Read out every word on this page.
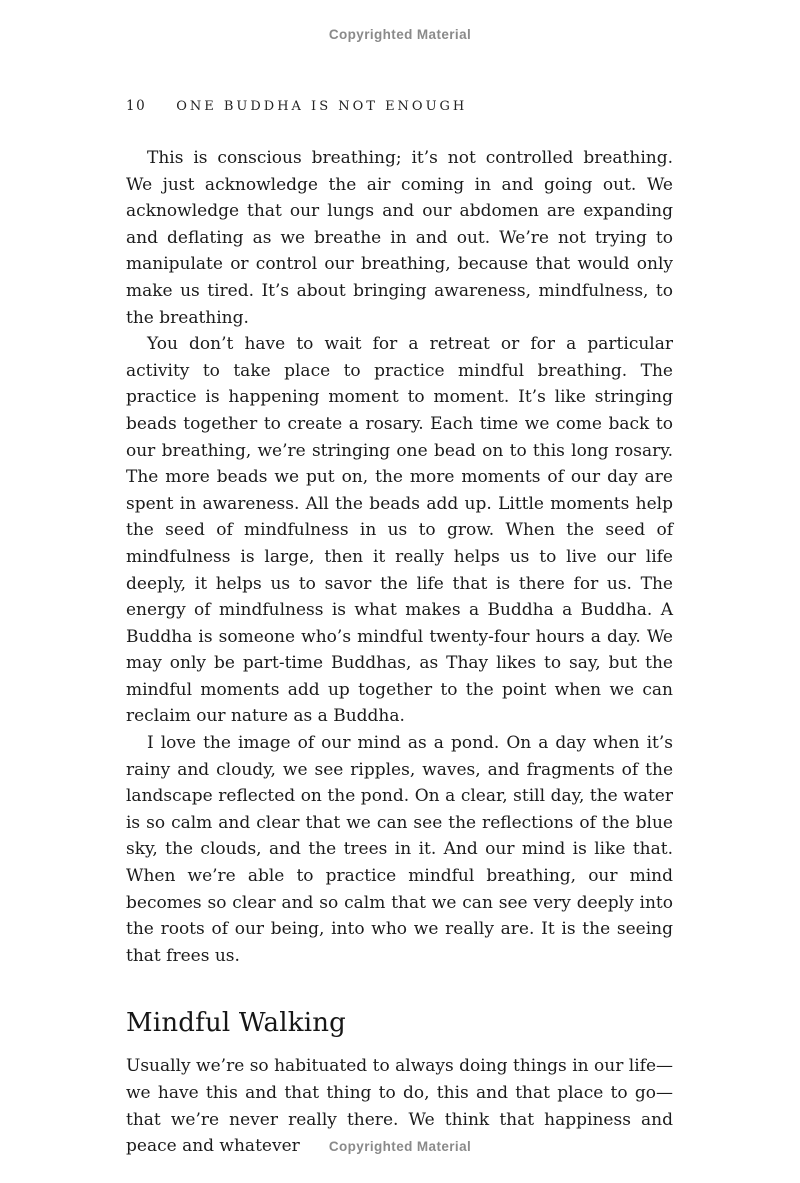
Copyrighted Material
10 ONE BUDDHA IS NOT ENOUGH

This is conscious breathing; it’s not controlled breathing. We just acknowledge the air coming in and going out. We acknowledge that our lungs and our abdomen are expanding and deflating as we breathe in and out. We’re not trying to manipulate or control our breathing, because that would only make us tired. It’s about bringing awareness, mindfulness, to the breathing.

You don’t have to wait for a retreat or for a particular activity to take place to practice mindful breathing. The practice is happening moment to moment. It’s like stringing beads together to create a rosary. Each time we come back to our breathing, we’re stringing one bead on to this long rosary. The more beads we put on, the more moments of our day are spent in awareness. All the beads add up. Little moments help the seed of mindfulness in us to grow. When the seed of mindfulness is large, then it really helps us to live our life deeply, it helps us to savor the life that is there for us. The energy of mindfulness is what makes a Buddha a Buddha. A Buddha is someone who’s mindful twenty-four hours a day. We may only be part-time Buddhas, as Thay likes to say, but the mindful moments add up together to the point when we can reclaim our nature as a Buddha.

I love the image of our mind as a pond. On a day when it’s rainy and cloudy, we see ripples, waves, and fragments of the landscape reflected on the pond. On a clear, still day, the water is so calm and clear that we can see the reflections of the blue sky, the clouds, and the trees in it. And our mind is like that. When we’re able to practice mindful breathing, our mind becomes so clear and so calm that we can see very deeply into the roots of our being, into who we really are. It is the seeing that frees us.

Mindful Walking

Usually we’re so habituated to always doing things in our life—we have this and that thing to do, this and that place to go—that we’re never really there. We think that happiness and peace and whatever	Copyrighted Material
